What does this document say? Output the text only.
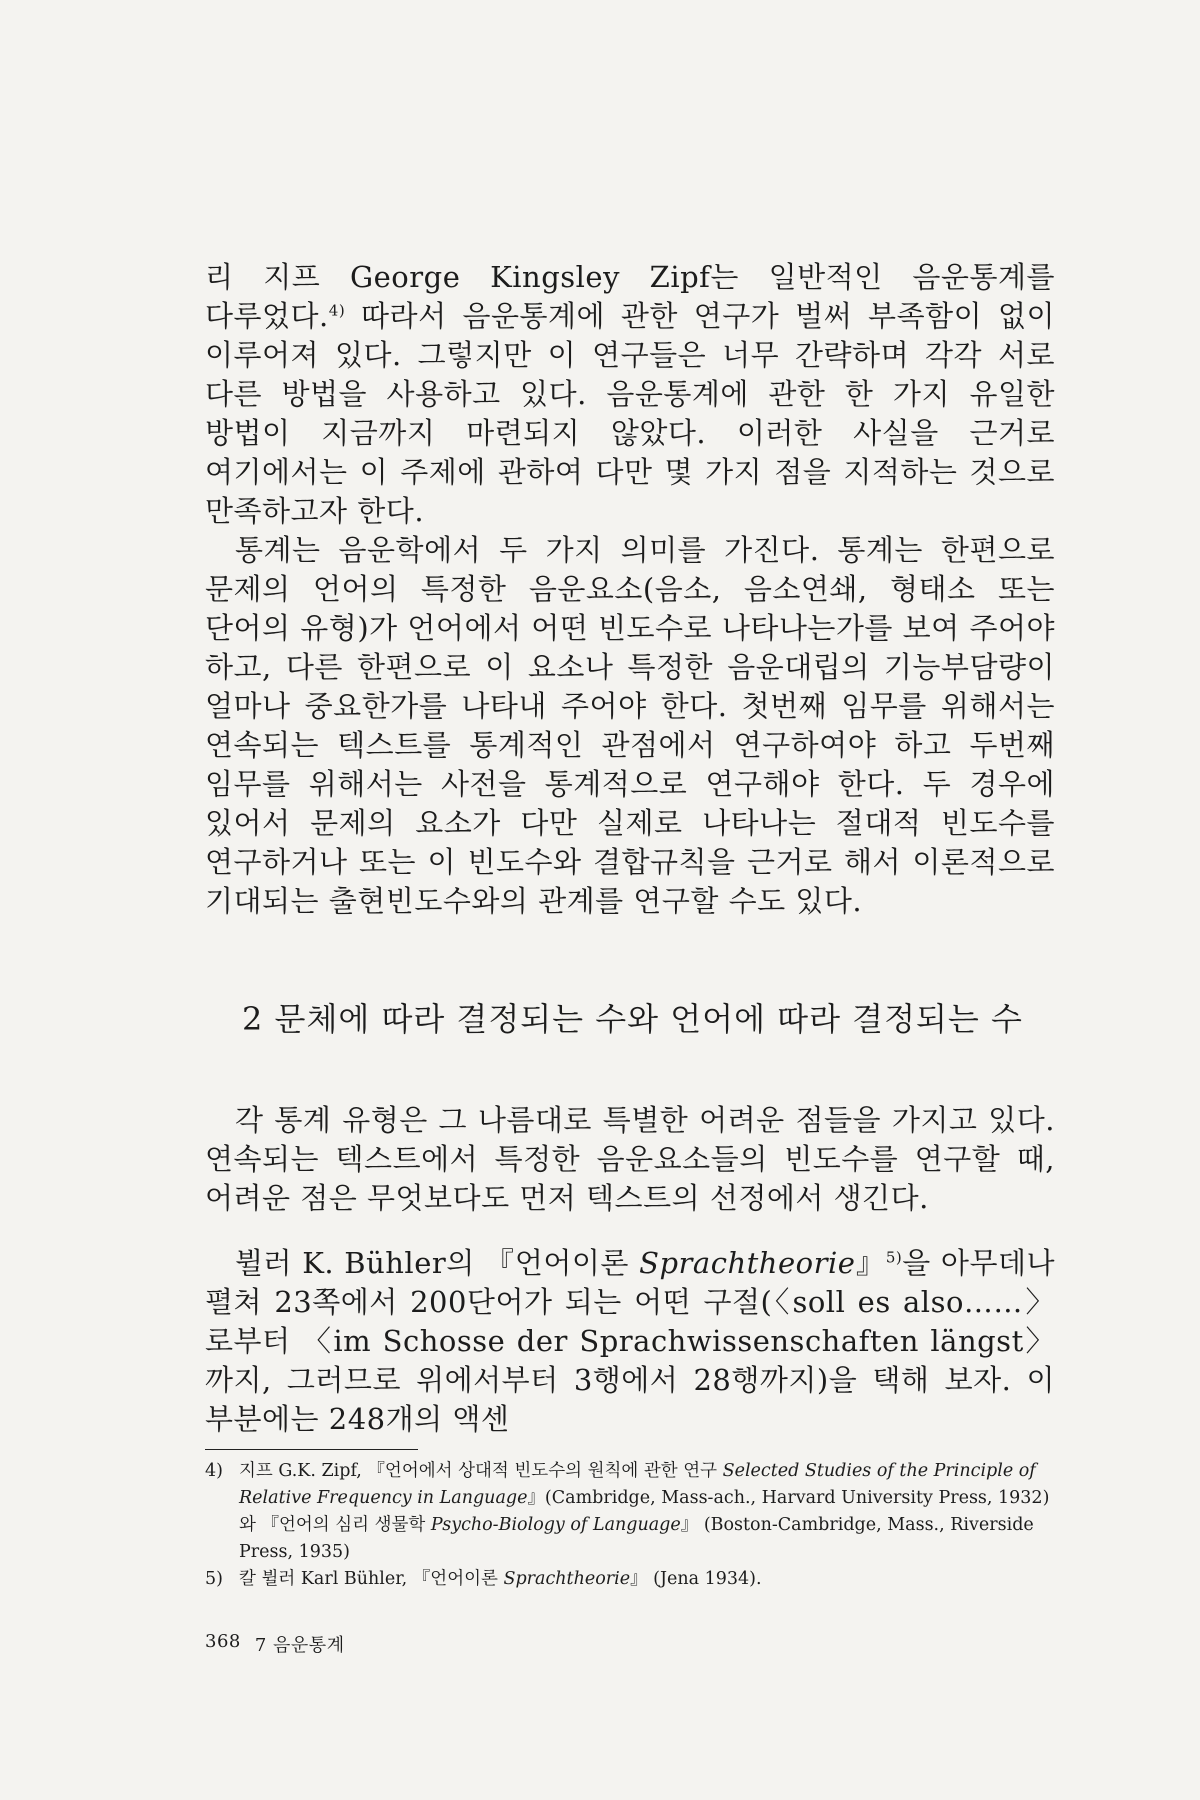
리 지프 George Kingsley Zipf는 일반적인 음운통계를 다루었다.$^{4)}$ 따라서 음운통계에 관한 연구가 벌써 부족함이 없이 이루어져 있다. 그렇지만 이 연구들은 너무 간략하며 각각 서로 다른 방법을 사용하고 있다. 음운통계에 관한 한 가지 유일한 방법이 지금까지 마련되지 않았다. 이러한 사실을 근거로 여기에서는 이 주제에 관하여 다만 몇 가지 점을 지적하는 것으로 만족하고자 한다.

통계는 음운학에서 두 가지 의미를 가진다. 통계는 한편으로 문제의 언어의 특정한 음운요소(음소, 음소연쇄, 형태소 또는 단어의 유형)가 언어에서 어떤 빈도수로 나타나는가를 보여 주어야 하고, 다른 한편으로 이 요소나 특정한 음운대립의 기능부담량이 얼마나 중요한가를 나타내 주어야 한다. 첫번째 임무를 위해서는 연속되는 텍스트를 통계적인 관점에서 연구하여야 하고 두번째 임무를 위해서는 사전을 통계적으로 연구해야 한다. 두 경우에 있어서 문제의 요소가 다만 실제로 나타나는 절대적 빈도수를 연구하거나 또는 이 빈도수와 결합규칙을 근거로 해서 이론적으로 기대되는 출현빈도수와의 관계를 연구할 수도 있다.

2 문체에 따라 결정되는 수와 언어에 따라 결정되는 수

각 통계 유형은 그 나름대로 특별한 어려운 점들을 가지고 있다. 연속되는 텍스트에서 특정한 음운요소들의 빈도수를 연구할 때, 어려운 점은 무엇보다도 먼저 텍스트의 선정에서 생긴다.

뷜러 K. Bühler의 『언어이론 Sprachtheorie』$^{5)}$을 아무데나 펼쳐 23쪽에서 200단어가 되는 어떤 구절(〈soll es also……〉로부터 〈im Schosse der Sprachwissenschaften längst〉까지, 그러므로 위에서부터 3행에서 28행까지)을 택해 보자. 이 부분에는 248개의 액센

4) 지프 G.K. Zipf, 『언어에서 상대적 빈도수의 원칙에 관한 연구 Selected Studies of the Principle of Relative Frequency in Language』(Cambridge, Mass-ach., Harvard University Press, 1932)와 『언어의 심리 생물학 Psycho-Biology of Language』 (Boston-Cambridge, Mass., Riverside Press, 1935)
5) 칼 뷜러 Karl Bühler, 『언어이론 Sprachtheorie』 (Jena 1934).
368 7 음운통계
